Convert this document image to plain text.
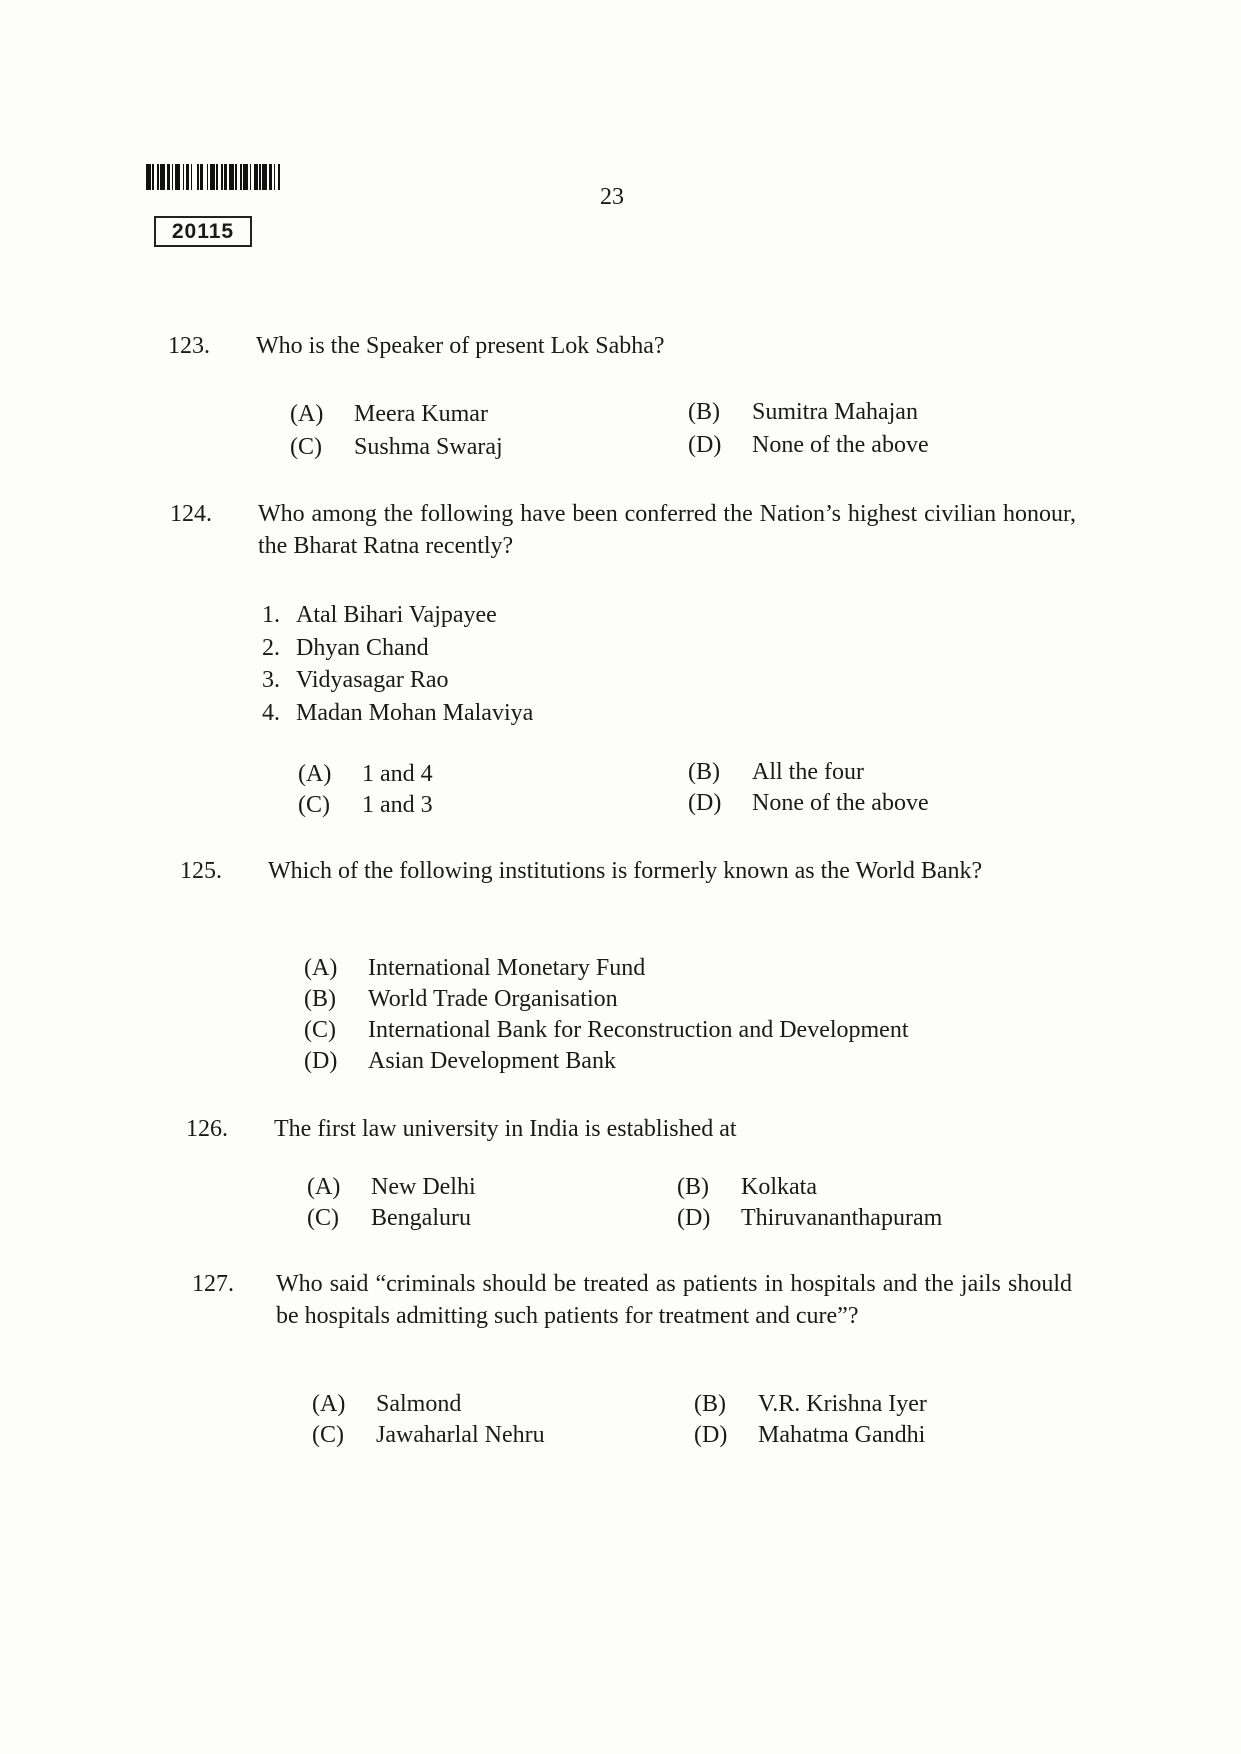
20115
23
123. Who is the Speaker of present Lok Sabha?
(A) Meera Kumar	(B) Sumitra Mahajan
(C) Sushma Swaraj	(D) None of the above
124. Who among the following have been conferred the Nation’s highest civilian honour, the Bharat Ratna recently?
1. Atal Bihari Vajpayee
2. Dhyan Chand
3. Vidyasagar Rao
4. Madan Mohan Malaviya
(A) 1 and 4	(B) All the four
(C) 1 and 3	(D) None of the above
125. Which of the following institutions is formerly known as the World Bank?
(A) International Monetary Fund
(B) World Trade Organisation
(C) International Bank for Reconstruction and Development
(D) Asian Development Bank
126. The first law university in India is established at
(A) New Delhi	(B) Kolkata
(C) Bengaluru	(D) Thiruvananthapuram
127. Who said “criminals should be treated as patients in hospitals and the jails should be hospitals admitting such patients for treatment and cure”?
(A) Salmond	(B) V.R. Krishna Iyer
(C) Jawaharlal Nehru	(D) Mahatma Gandhi
